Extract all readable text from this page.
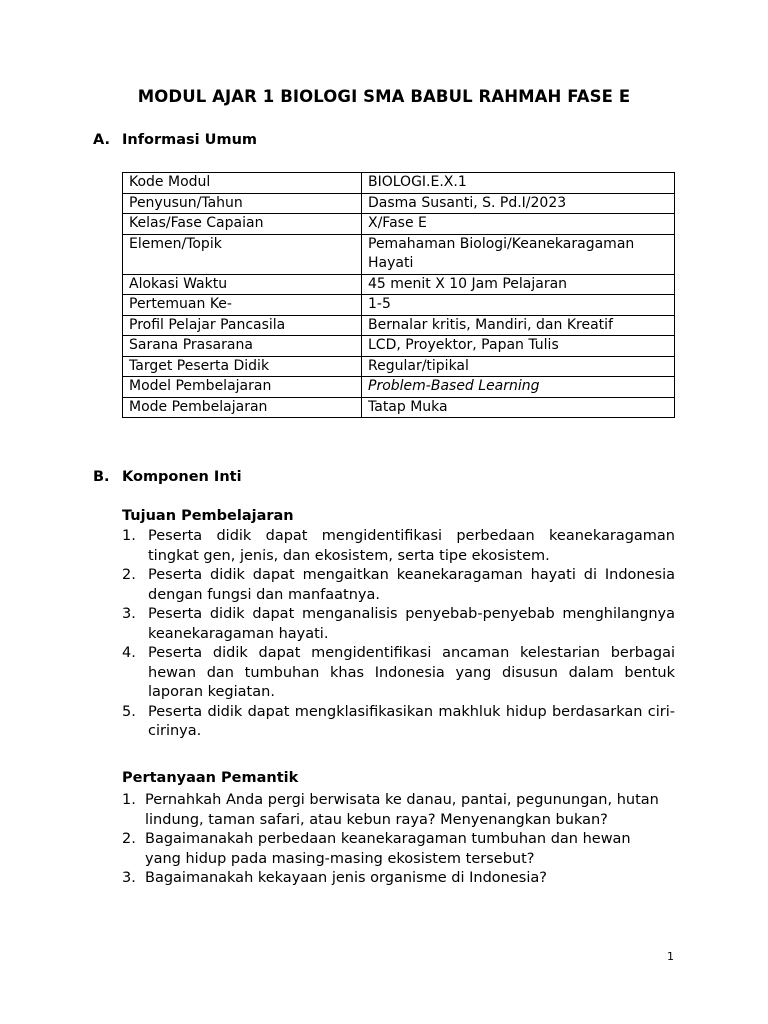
MODUL AJAR 1 BIOLOGI SMA BABUL RAHMAH FASE E
A. Informasi Umum
Kode Modul	BIOLOGI.E.X.1
Penyusun/Tahun	Dasma Susanti, S. Pd.I/2023
Kelas/Fase Capaian	X/Fase E
Elemen/Topik	Pemahaman Biologi/Keanekaragaman Hayati
Alokasi Waktu	45 menit X 10 Jam Pelajaran
Pertemuan Ke-	1-5
Profil Pelajar Pancasila	Bernalar kritis, Mandiri, dan Kreatif
Sarana Prasarana	LCD, Proyektor, Papan Tulis
Target Peserta Didik	Regular/tipikal
Model Pembelajaran	Problem-Based Learning
Mode Pembelajaran	Tatap Muka
B. Komponen Inti
Tujuan Pembelajaran
1. Peserta didik dapat mengidentifikasi perbedaan keanekaragaman tingkat gen, jenis, dan ekosistem, serta tipe ekosistem.
2. Peserta didik dapat mengaitkan keanekaragaman hayati di Indonesia dengan fungsi dan manfaatnya.
3. Peserta didik dapat menganalisis penyebab-penyebab menghilangnya keanekaragaman hayati.
4. Peserta didik dapat mengidentifikasi ancaman kelestarian berbagai hewan dan tumbuhan khas Indonesia yang disusun dalam bentuk laporan kegiatan.
5. Peserta didik dapat mengklasifikasikan makhluk hidup berdasarkan ciri-cirinya.
Pertanyaan Pemantik
1. Pernahkah Anda pergi berwisata ke danau, pantai, pegunungan, hutan lindung, taman safari, atau kebun raya? Menyenangkan bukan?
2. Bagaimanakah perbedaan keanekaragaman tumbuhan dan hewan yang hidup pada masing-masing ekosistem tersebut?
3. Bagaimanakah kekayaan jenis organisme di Indonesia?
1
